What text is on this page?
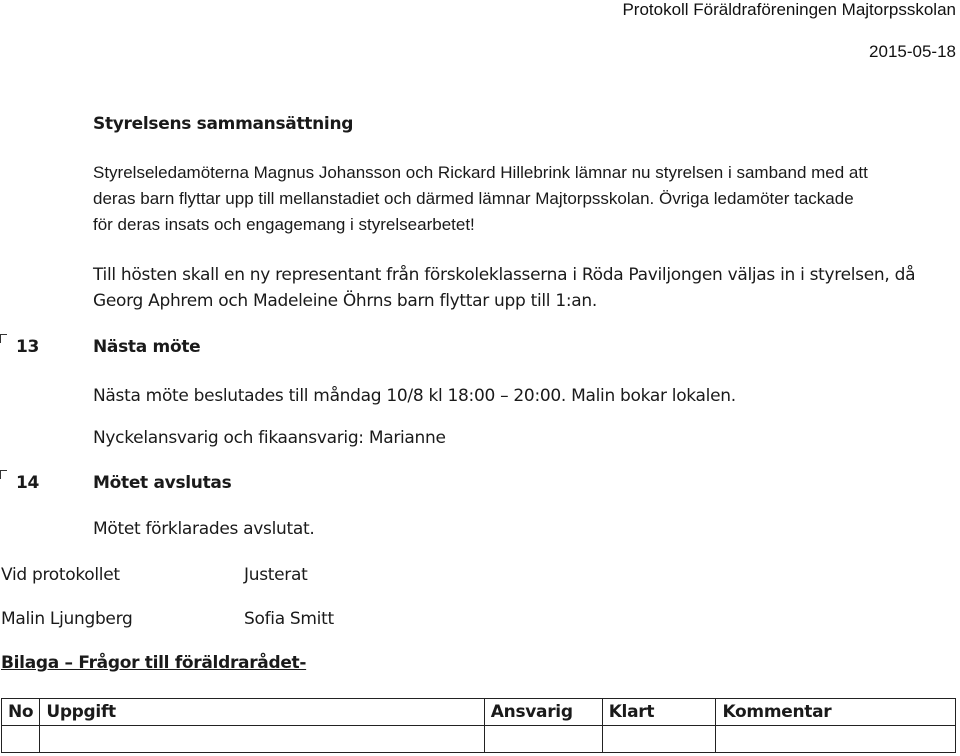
Protokoll Föräldraföreningen Majtorpsskolan
2015-05-18
Styrelsens sammansättning
Styrelseledamöterna Magnus Johansson och Rickard Hillebrink lämnar nu styrelsen i samband med att deras barn flyttar upp till mellanstadiet och därmed lämnar Majtorpsskolan. Övriga ledamöter tackade för deras insats och engagemang i styrelsearbetet!
Till hösten skall en ny representant från förskoleklasserna i Röda Paviljongen väljas in i styrelsen, då Georg Aphrem och Madeleine Öhrns barn flyttar upp till 1:an.
13	Nästa möte
Nästa möte beslutades till måndag 10/8 kl 18:00 – 20:00. Malin bokar lokalen.
Nyckelansvarig och fikaansvarig: Marianne
14	Mötet avslutas
Mötet förklarades avslutat.
Vid protokollet	Justerat
Malin Ljungberg	Sofia Smitt
Bilaga – Frågor till föräldrarådet-
No	Uppgift	Ansvarig	Klart	Kommentar
